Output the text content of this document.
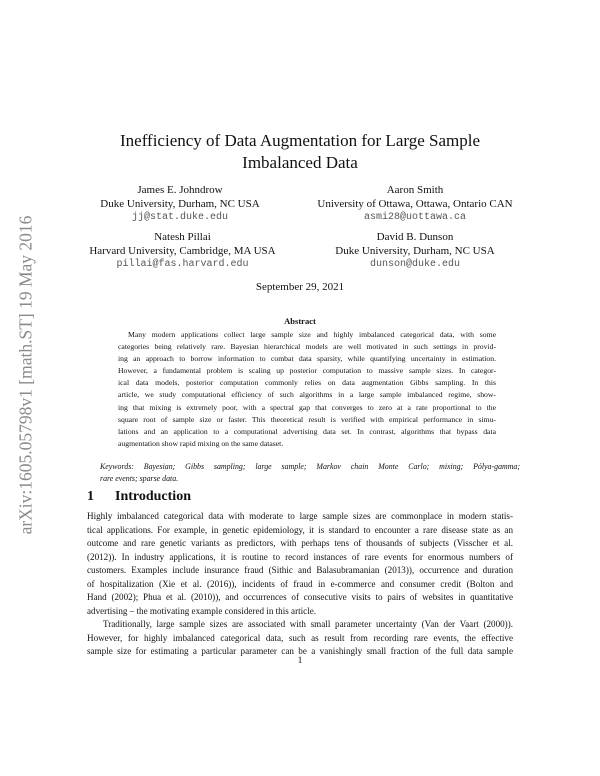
arXiv:1605.05798v1 [math.ST] 19 May 2016
Inefficiency of Data Augmentation for Large Sample
Imbalanced Data
James E. Johndrow
Duke University, Durham, NC USA
jj@stat.duke.edu
Aaron Smith
University of Ottawa, Ottawa, Ontario CAN
asmi28@uottawa.ca
Natesh Pillai
Harvard University, Cambridge, MA USA
pillai@fas.harvard.edu
David B. Dunson
Duke University, Durham, NC USA
dunson@duke.edu
September 29, 2021
Abstract
Many modern applications collect large sample size and highly imbalanced categorical data, with some
categories being relatively rare. Bayesian hierarchical models are well motivated in such settings in provid-
ing an approach to borrow information to combat data sparsity, while quantifying uncertainty in estimation.
However, a fundamental problem is scaling up posterior computation to massive sample sizes. In categor-
ical data models, posterior computation commonly relies on data augmentation Gibbs sampling. In this
article, we study computational efficiency of such algorithms in a large sample imbalanced regime, show-
ing that mixing is extremely poor, with a spectral gap that converges to zero at a rate proportional to the
square root of sample size or faster. This theoretical result is verified with empirical performance in simu-
lations and an application to a computational advertising data set. In contrast, algorithms that bypass data
augmentation show rapid mixing on the same dataset.
Keywords: Bayesian; Gibbs sampling; large sample; Markov chain Monte Carlo; mixing; Pólya-gamma;
rare events; sparse data.
1 Introduction
Highly imbalanced categorical data with moderate to large sample sizes are commonplace in modern statis-
tical applications. For example, in genetic epidemiology, it is standard to encounter a rare disease state as an
outcome and rare genetic variants as predictors, with perhaps tens of thousands of subjects (Visscher et al.
(2012)). In industry applications, it is routine to record instances of rare events for enormous numbers of
customers. Examples include insurance fraud (Sithic and Balasubramanian (2013)), occurrence and duration
of hospitalization (Xie et al. (2016)), incidents of fraud in e-commerce and consumer credit (Bolton and
Hand (2002); Phua et al. (2010)), and occurrences of consecutive visits to pairs of websites in quantitative
advertising – the motivating example considered in this article.
Traditionally, large sample sizes are associated with small parameter uncertainty (Van der Vaart (2000)).
However, for highly imbalanced categorical data, such as result from recording rare events, the effective
sample size for estimating a particular parameter can be a vanishingly small fraction of the full data sample
1
